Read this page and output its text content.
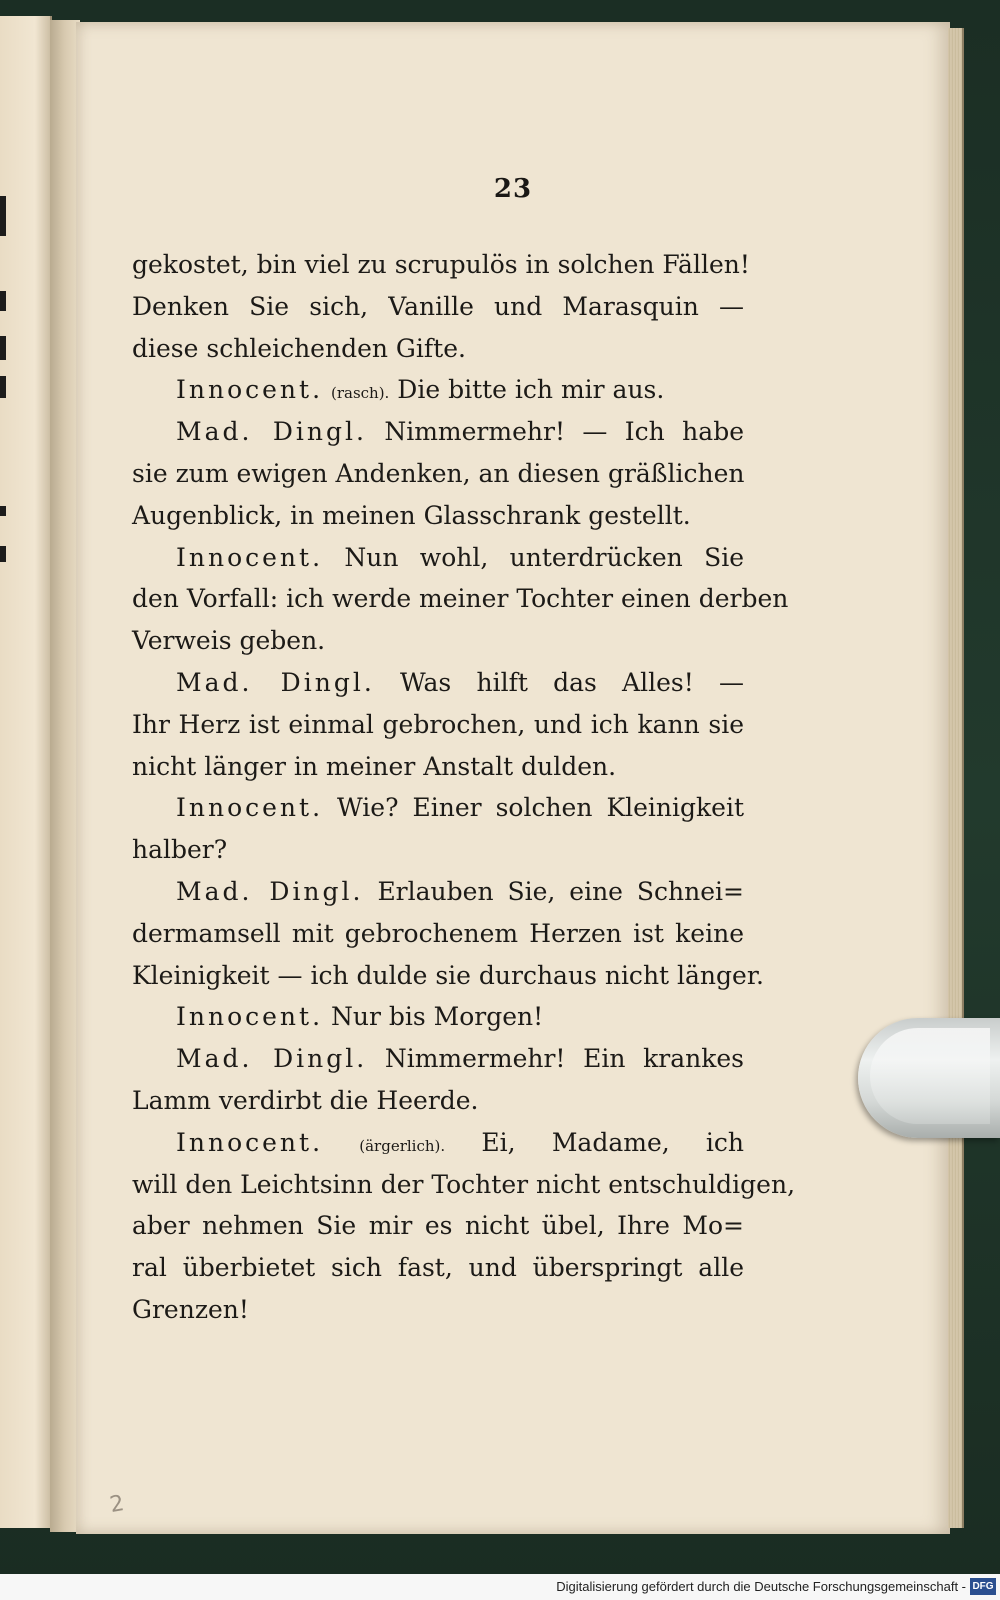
23
gekostet, bin viel zu scrupulös in solchen Fällen!
Denken Sie sich, Vanille und Marasquin —
diese schleichenden Gifte.
Innocent. (rasch). Die bitte ich mir aus.
Mad. Dingl. Nimmermehr! — Ich habe
sie zum ewigen Andenken, an diesen gräßlichen
Augenblick, in meinen Glasschrank gestellt.
Innocent. Nun wohl, unterdrücken Sie
den Vorfall: ich werde meiner Tochter einen derben
Verweis geben.
Mad. Dingl. Was hilft das Alles! —
Ihr Herz ist einmal gebrochen, und ich kann sie
nicht länger in meiner Anstalt dulden.
Innocent. Wie? Einer solchen Kleinigkeit
halber?
Mad. Dingl. Erlauben Sie, eine Schnei=
dermamsell mit gebrochenem Herzen ist keine
Kleinigkeit — ich dulde sie durchaus nicht länger.
Innocent. Nur bis Morgen!
Mad. Dingl. Nimmermehr! Ein krankes
Lamm verdirbt die Heerde.
Innocent. (ärgerlich). Ei, Madame, ich
will den Leichtsinn der Tochter nicht entschuldigen,
aber nehmen Sie mir es nicht übel, Ihre Mo=
ral überbietet sich fast, und überspringt alle
Grenzen!
2
Digitalisierung gefördert durch die Deutsche Forschungsgemeinschaft - DFG
